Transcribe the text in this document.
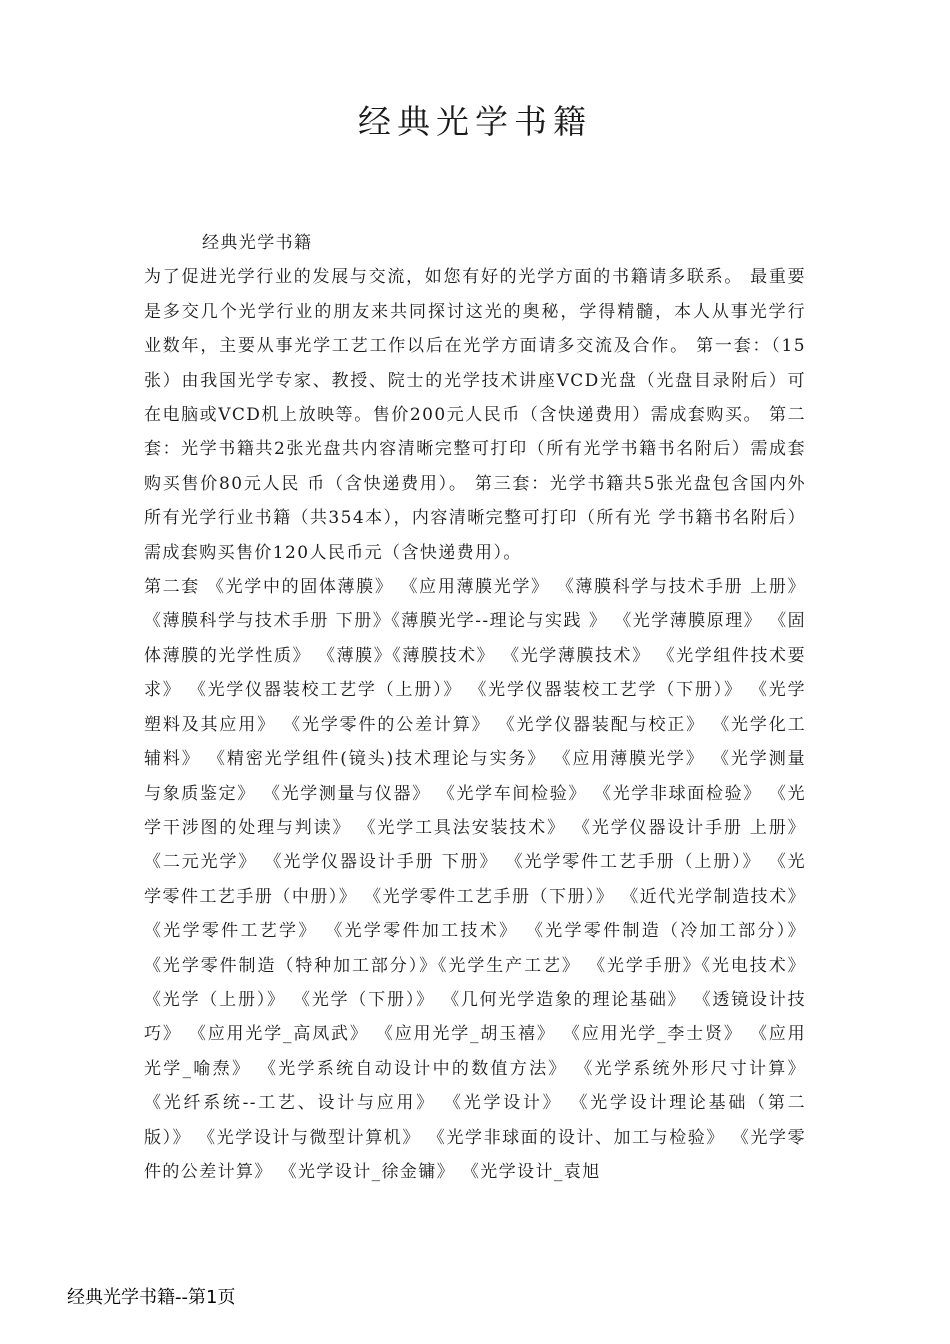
经典光学书籍
经典光学书籍
为了促进光学行业的发展与交流，如您有好的光学方面的书籍请多联系。 最重要是多交几个光学行业的朋友来共同探讨这光的奥秘，学得精髓，本人从事光学行业数年，主要从事光学工艺工作以后在光学方面请多交流及合作。 第一套：（15张）由我国光学专家、教授、院士的光学技术讲座VCD光盘（光盘目录附后）可在电脑或VCD机上放映等。售价200元人民币（含快递费用）需成套购买。 第二套：光学书籍共2张光盘共内容清晰完整可打印（所有光学书籍书名附后）需成套购买售价80元人民 币（含快递费用）。 第三套：光学书籍共5张光盘包含国内外所有光学行业书籍（共354本），内容清晰完整可打印（所有光 学书籍书名附后）需成套购买售价120人民币元（含快递费用）。
第二套 《光学中的固体薄膜》 《应用薄膜光学》 《薄膜科学与技术手册 上册》 《薄膜科学与技术手册 下册》《薄膜光学--理论与实践 》 《光学薄膜原理》 《固体薄膜的光学性质》 《薄膜》《薄膜技术》 《光学薄膜技术》 《光学组件技术要求》 《光学仪器装校工艺学（上册）》 《光学仪器装校工艺学（下册）》 《光学塑料及其应用》 《光学零件的公差计算》 《光学仪器装配与校正》 《光学化工辅料》 《精密光学组件(镜头)技术理论与实务》 《应用薄膜光学》 《光学测量与象质鉴定》 《光学测量与仪器》 《光学车间检验》 《光学非球面检验》 《光学干涉图的处理与判读》 《光学工具法安装技术》 《光学仪器设计手册 上册》《二元光学》 《光学仪器设计手册 下册》 《光学零件工艺手册（上册）》 《光学零件工艺手册（中册）》 《光学零件工艺手册（下册）》 《近代光学制造技术》 《光学零件工艺学》 《光学零件加工技术》 《光学零件制造（冷加工部分）》 《光学零件制造（特种加工部分）》《光学生产工艺》 《光学手册》《光电技术》 《光学（上册）》 《光学（下册）》 《几何光学造象的理论基础》 《透镜设计技巧》 《应用光学_高凤武》 《应用光学_胡玉禧》 《应用光学_李士贤》 《应用光学_喻焘》 《光学系统自动设计中的数值方法》 《光学系统外形尺寸计算》 《光纤系统--工艺、设计与应用》 《光学设计》 《光学设计理论基础（第二版）》 《光学设计与微型计算机》 《光学非球面的设计、加工与检验》 《光学零件的公差计算》 《光学设计_徐金镛》 《光学设计_袁旭
经典光学书籍--第1页
